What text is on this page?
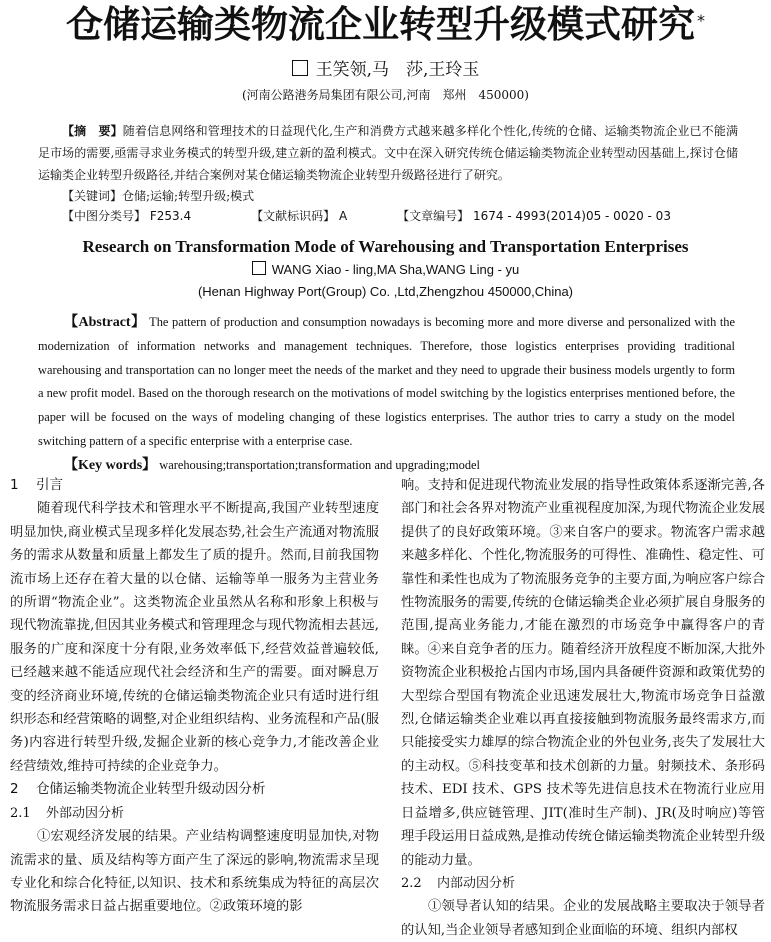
仓储运输类物流企业转型升级模式研究 *
王笑领,马　莎,王玲玉
(河南公路港务局集团有限公司,河南　郑州　450000)
【摘　要】随着信息网络和管理技术的日益现代化,生产和消费方式越来越多样化个性化,传统的仓储、运输类物流企业已不能满足市场的需要,亟需寻求业务模式的转型升级,建立新的盈利模式。文中在深入研究传统仓储运输类物流企业转型动因基础上,探讨仓储运输类企业转型升级路径,并结合案例对某仓储运输类物流企业转型升级路径进行了研究。
【关键词】仓储;运输;转型升级;模式
【中图分类号】 F253.4	【文献标识码】 A	【文章编号】 1674 - 4993(2014)05 - 0020 - 03
Research on Transformation Mode of Warehousing and Transportation Enterprises
WANG Xiao - ling,MA Sha,WANG Ling - yu
(Henan Highway Port(Group) Co. ,Ltd,Zhengzhou 450000,China)

【Abstract】 The pattern of production and consumption nowadays is becoming more and more diverse and personalized with the modernization of information networks and management techniques. Therefore, those logistics enterprises providing traditional warehousing and transportation can no longer meet the needs of the market and they need to upgrade their business models urgently to form a new profit model. Based on the thorough research on the motivations of model switching by the logistics enterprises mentioned before, the paper will be focused on the ways of modeling changing of these logistics enterprises. The author tries to carry a study on the model switching pattern of a specific enterprise with a enterprise case.

【Key words】 warehousing;transportation;transformation and upgrading;model

1 引言

随着现代科学技术和管理水平不断提高,我国产业转型速度明显加快,商业模式呈现多样化发展态势,社会生产流通对物流服务的需求从数量和质量上都发生了质的提升。然而,目前我国物流市场上还存在着大量的以仓储、运输等单一服务为主营业务的所谓“物流企业”。这类物流企业虽然从名称和形象上积极与现代物流靠拢,但因其业务模式和管理理念与现代物流相去甚远,服务的广度和深度十分有限,业务效率低下,经营效益普遍较低,已经越来越不能适应现代社会经济和生产的需要。面对瞬息万变的经济商业环境,传统的仓储运输类物流企业只有适时进行组织形态和经营策略的调整,对企业组织结构、业务流程和产品(服务)内容进行转型升级,发掘企业新的核心竞争力,才能改善企业经营绩效,维持可持续的企业竞争力。

2 仓储运输类物流企业转型升级动因分析

2.1 外部动因分析

①宏观经济发展的结果。产业结构调整速度明显加快,对物流需求的量、质及结构等方面产生了深远的影响,物流需求呈现专业化和综合化特征,以知识、技术和系统集成为特征的高层次物流服务需求日益占据重要地位。②政策环境的影

响。支持和促进现代物流业发展的指导性政策体系逐渐完善,各部门和社会各界对物流产业重视程度加深,为现代物流企业发展提供了的良好政策环境。③来自客户的要求。物流客户需求越来越多样化、个性化,物流服务的可得性、准确性、稳定性、可靠性和柔性也成为了物流服务竞争的主要方面,为响应客户综合性物流服务的需要,传统的仓储运输类企业必须扩展自身服务的范围,提高业务能力,才能在激烈的市场竞争中赢得客户的青睐。④来自竞争者的压力。随着经济开放程度不断加深,大批外资物流企业积极抢占国内市场,国内具备硬件资源和政策优势的大型综合型国有物流企业迅速发展壮大,物流市场竞争日益激烈,仓储运输类企业难以再直接接触到物流服务最终需求方,而只能接受实力雄厚的综合物流企业的外包业务,丧失了发展壮大的主动权。⑤科技变革和技术创新的力量。射频技术、条形码技术、EDI 技术、GPS 技术等先进信息技术在物流行业应用日益增多,供应链管理、JIT(准时生产制)、JR(及时响应)等管理手段运用日益成熟,是推动传统仓储运输类物流企业转型升级的能动力量。

2.2 内部动因分析

①领导者认知的结果。企业的发展战略主要取决于领导者的认知,当企业领导者感知到企业面临的环境、组织内部权
